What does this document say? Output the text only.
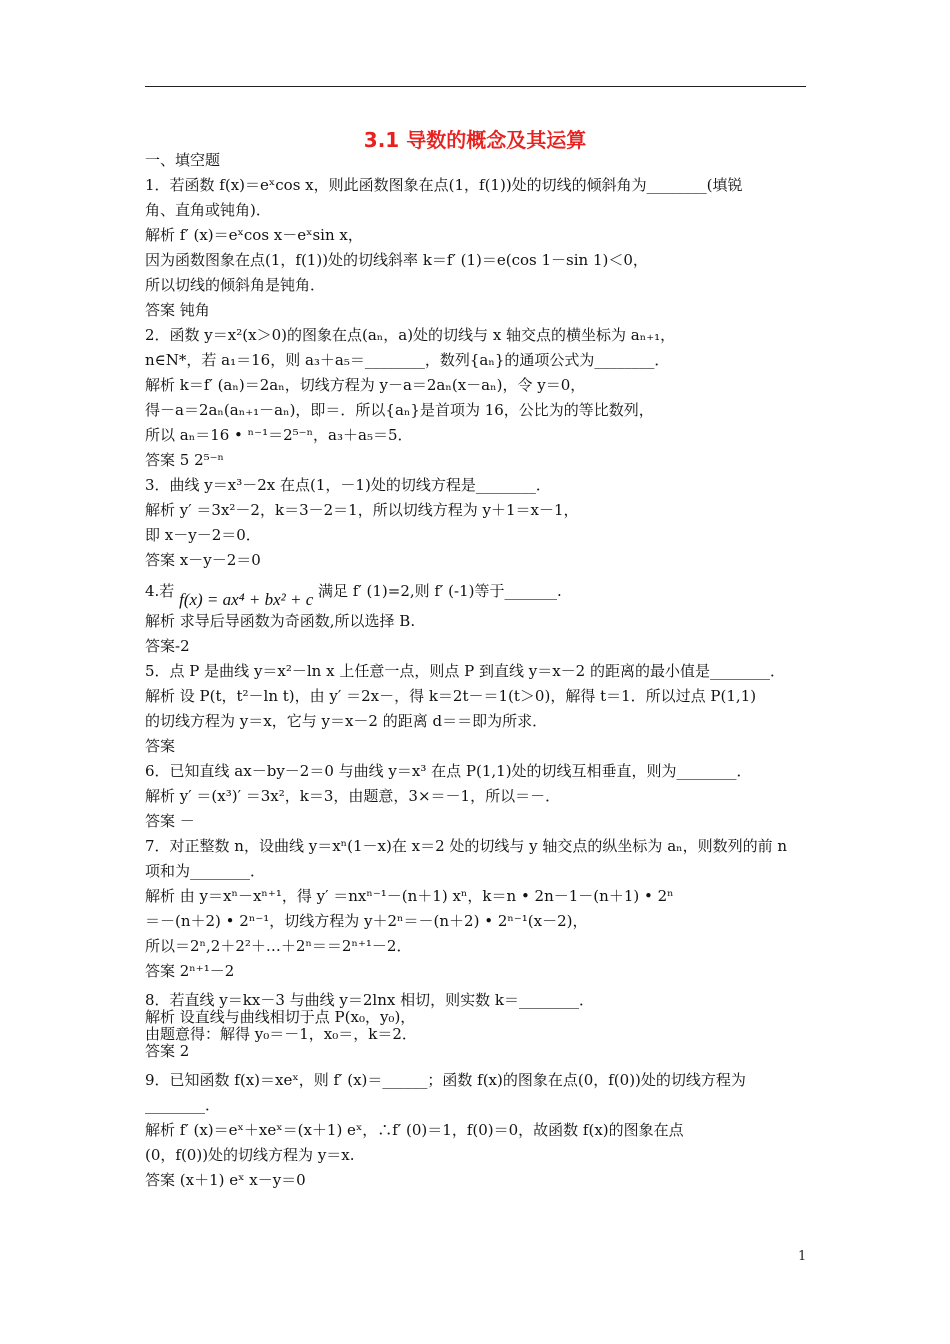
3.1 导数的概念及其运算
一、填空题
1．若函数 f(x)＝eˣcos x，则此函数图象在点(1，f(1))处的切线的倾斜角为________(填锐
角、直角或钝角)．
解析 f′ (x)＝eˣcos x－eˣsin x，
因为函数图象在点(1，f(1))处的切线斜率 k＝f′ (1)＝e(cos 1－sin 1)＜0，
所以切线的倾斜角是钝角．
答案 钝角
2．函数 y＝x²(x＞0)的图象在点(aₙ，a)处的切线与 x 轴交点的横坐标为 aₙ₊₁，
n∈N*，若 a₁＝16，则 a₃＋a₅＝________，数列{aₙ}的通项公式为________．
解析 k＝f′ (aₙ)＝2aₙ，切线方程为 y－a＝2aₙ(x－aₙ)，令 y＝0，
得－a＝2aₙ(aₙ₊₁－aₙ)，即＝．所以{aₙ}是首项为 16，公比为的等比数列，
所以 aₙ＝16 • ⁿ⁻¹＝2⁵⁻ⁿ，a₃＋a₅＝5．
答案 5 2⁵⁻ⁿ
3．曲线 y＝x³－2x 在点(1，－1)处的切线方程是________．
解析 y′ ＝3x²－2，k＝3－2＝1，所以切线方程为 y＋1＝x－1，
即 x－y－2＝0．
答案 x－y－2＝0
4.若 f(x) = ax⁴ + bx² + c 满足 f′ (1)=2,则 f′ (-1)等于_______.
解析 求导后导函数为奇函数,所以选择 B.
答案-2
5．点 P 是曲线 y＝x²－ln x 上任意一点，则点 P 到直线 y＝x－2 的距离的最小值是________．
解析 设 P(t，t²－ln t)，由 y′ ＝2x－，得 k＝2t－＝1(t＞0)，解得 t＝1．所以过点 P(1,1)
的切线方程为 y＝x，它与 y＝x－2 的距离 d＝＝即为所求．
答案
6．已知直线 ax－by－2＝0 与曲线 y＝x³ 在点 P(1,1)处的切线互相垂直，则为________．
解析 y′ ＝(x³)′ ＝3x²，k＝3，由题意，3×＝－1，所以＝－．
答案 －
7．对正整数 n，设曲线 y＝xⁿ(1－x)在 x＝2 处的切线与 y 轴交点的纵坐标为 aₙ，则数列的前 n
项和为________．
解析 由 y＝xⁿ－xⁿ⁺¹，得 y′ ＝nxⁿ⁻¹－(n＋1) xⁿ，k＝n • 2n－1－(n＋1) • 2ⁿ
＝－(n＋2) • 2ⁿ⁻¹，切线方程为 y＋2ⁿ＝－(n＋2) • 2ⁿ⁻¹(x－2)，
所以＝2ⁿ,2＋2²＋…＋2ⁿ＝＝2ⁿ⁺¹－2．
答案 2ⁿ⁺¹－2
8．若直线 y＝kx－3 与曲线 y＝2lnx 相切，则实数 k＝________．
解析 设直线与曲线相切于点 P(x₀，y₀)，
由题意得：解得 y₀＝－1，x₀＝，k＝2．
答案 2
9．已知函数 f(x)＝xeˣ，则 f′ (x)＝______；函数 f(x)的图象在点(0，f(0))处的切线方程为
________．
解析 f′ (x)＝eˣ＋xeˣ＝(x＋1) eˣ，∴f′ (0)＝1，f(0)＝0，故函数 f(x)的图象在点
(0，f(0))处的切线方程为 y＝x.
答案 (x＋1) eˣ x－y＝0
1
